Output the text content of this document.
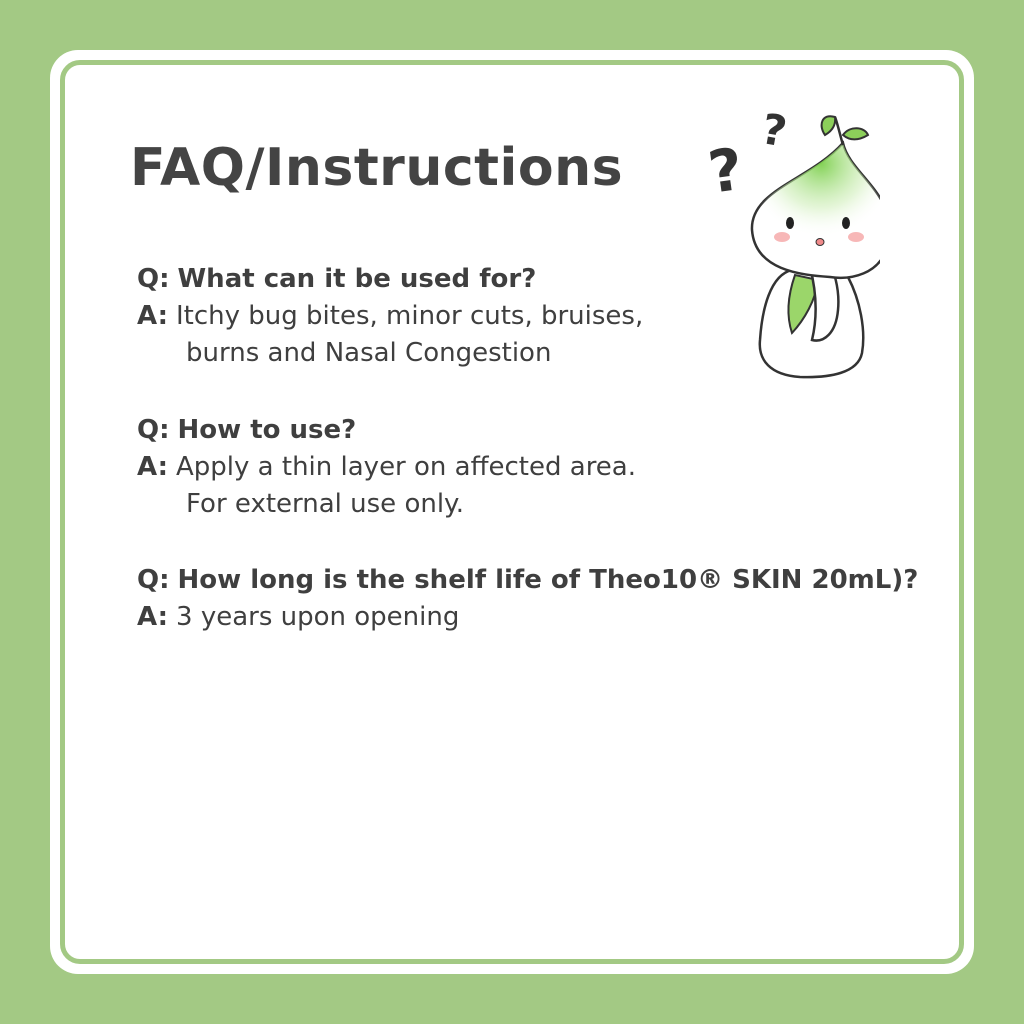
FAQ/Instructions ?
?
Q: What can it be used for?
A: Itchy bug bites, minor cuts, bruises,
burns and Nasal Congestion
Q: How to use?
A: Apply a thin layer on affected area.
For external use only.
Q: How long is the shelf life of Theo10® SKIN 20mL)?
A: 3 years upon opening
